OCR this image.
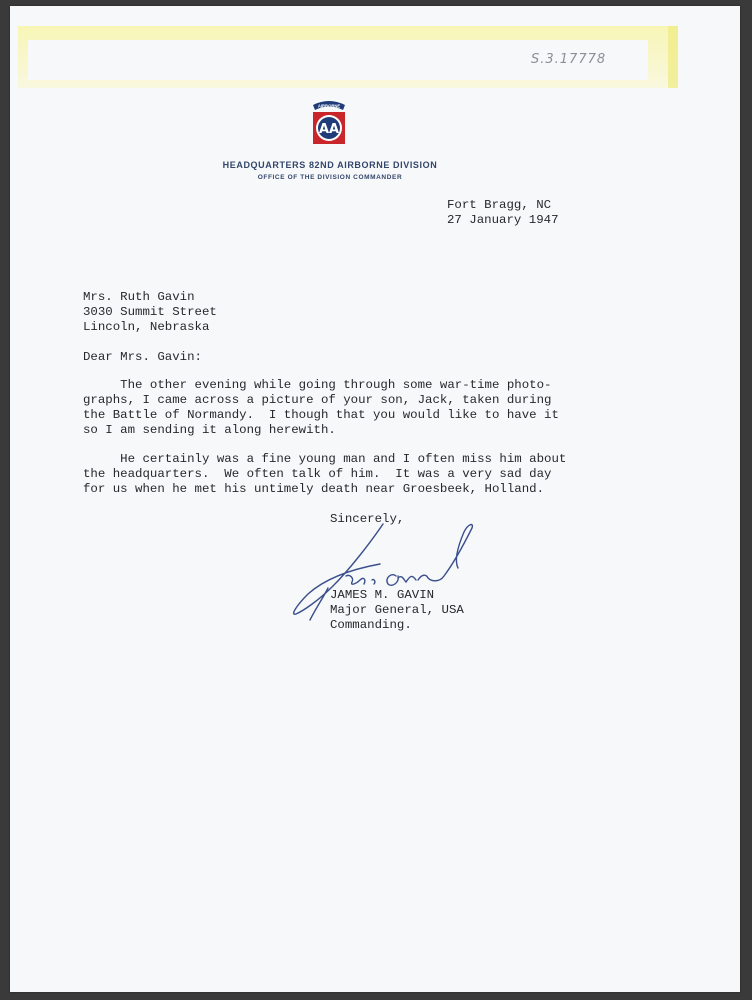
S.3.17778
AIRBORNE
AA
HEADQUARTERS 82ND AIRBORNE DIVISION
OFFICE OF THE DIVISION COMMANDER
Fort Bragg, NC
27 January 1947
Mrs. Ruth Gavin
3030 Summit Street
Lincoln, Nebraska
Dear Mrs. Gavin:
The other evening while going through some war-time photo-
graphs, I came across a picture of your son, Jack, taken during
the Battle of Normandy.  I though that you would like to have it
so I am sending it along herewith.
He certainly was a fine young man and I often miss him about
the headquarters.  We often talk of him.  It was a very sad day
for us when he met his untimely death near Groesbeek, Holland.
Sincerely,
JAMES M. GAVIN
Major General, USA
Commanding.
